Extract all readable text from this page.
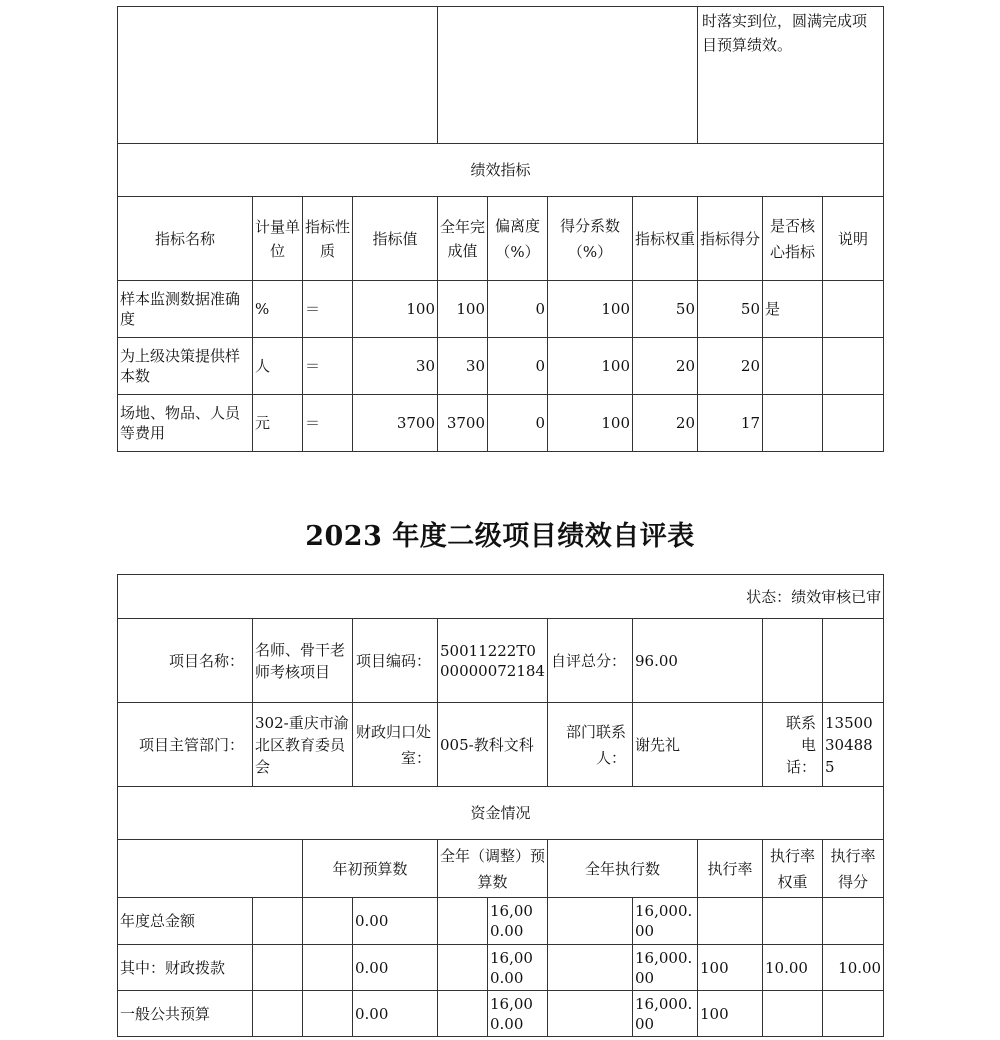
								时落实到位，圆满完成项目预算绩效。		
绩效指标										
指标名称	计量单位	指标性质	指标值	全年完成值	偏离度（%）	得分系数（%）	指标权重	指标得分	是否核心指标	说明
样本监测数据准确度	%	＝	100	100	0	100	50	50	是	
为上级决策提供样本数	人	＝	30	30	0	100	20	20		
场地、物品、人员等费用	元	＝	3700	3700	0	100	20	17		
2023 年度二级项目绩效自评表
状态：绩效审核已审										
项目名称：	名师、骨干老师考核项目		项目编码：	50011222T000000072184		自评总分：	96.00			
项目主管部门：	302-重庆市渝北区教育委员会		财政归口处室：	005-教科文科		部门联系人：	谢先礼		联系电话：	13500304885
资金情况										
		年初预算数		全年（调整）预算数		全年执行数		执行率	执行率权重	执行率得分
年度总金额			0.00		16,000.00		16,000.00			
其中：财政拨款			0.00		16,000.00		16,000.00	100	10.00	10.00
一般公共预算			0.00		16,000.00		16,000.00	100		
